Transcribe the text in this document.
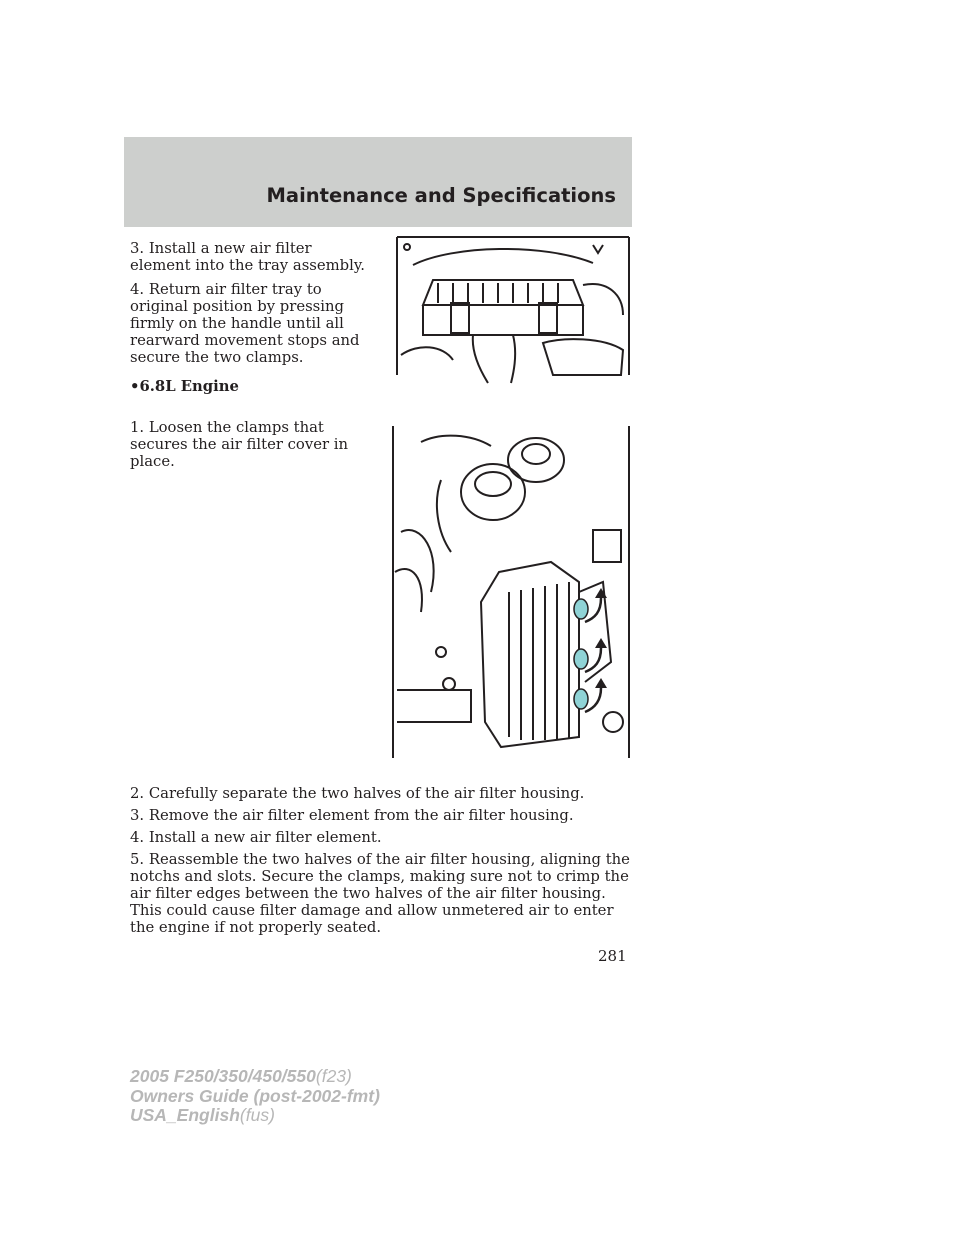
Maintenance and Specifications

3. Install a new air filter element into the tray assembly.

4. Return air filter tray to original position by pressing firmly on the handle until all rearward movement stops and secure the two clamps.

•6.8L Engine

1. Loosen the clamps that secures the air filter cover in place.

2. Carefully separate the two halves of the air filter housing.

3. Remove the air filter element from the air filter housing.

4. Install a new air filter element.

5. Reassemble the two halves of the air filter housing, aligning the notchs and slots. Secure the clamps, making sure not to crimp the air filter edges between the two halves of the air filter housing. This could cause filter damage and allow unmetered air to enter the engine if not properly seated.

281
2005 F250/350/450/550(f23)
Owners Guide (post-2002-fmt)
USA_English(fus)
